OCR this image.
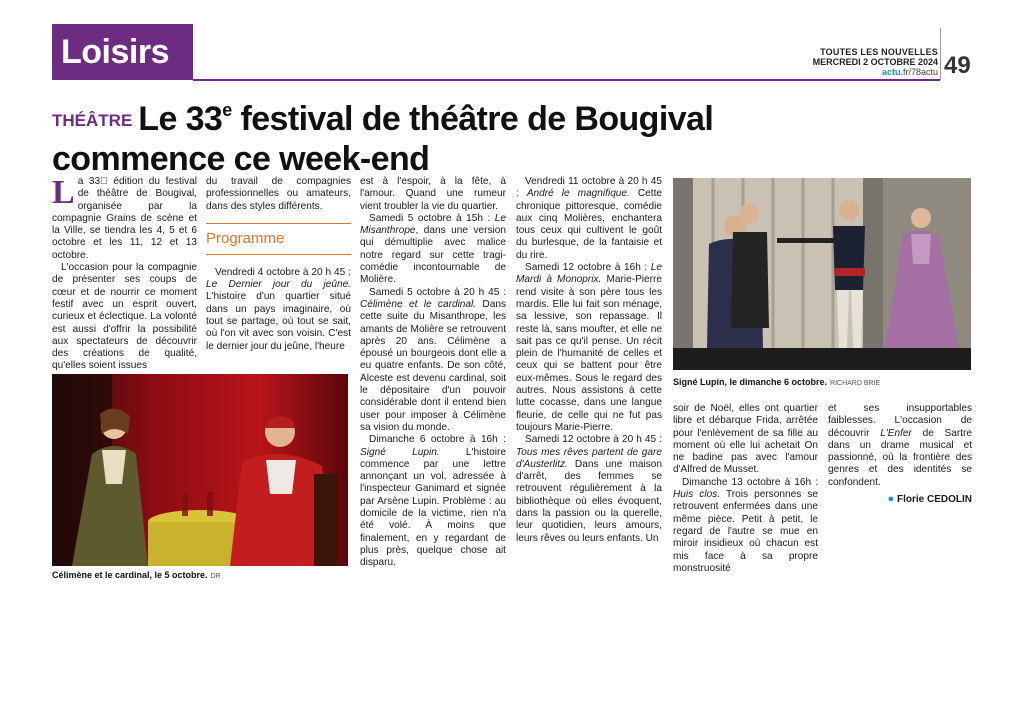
Loisirs	TOUTES LES NOUVELLES
MERCREDI 2 OCTOBRE 2024
actu.fr/78actu 49
THÉÂTRE Le 33e festival de théâtre de Bougival commence ce week-end

La 33  édition du festival de théâtre de Bougival, organisée par la compagnie Grains de scène et la Ville, se tiendra les 4, 5 et 6 octobre et les 11, 12 et 13 octobre.

L'occasion pour la compagnie de présenter ses coups de cœur et de nourrir ce moment festif avec un esprit ouvert, curieux et éclectique. La volonté est aussi d'offrir la possibilité aux spectateurs de découvrir des créations de qualité, qu'elles soient issues

du travail de compagnies professionnelles ou amateurs, dans des styles différents.

Programme

Vendredi 4 octobre à 20 h 45 : Le Dernier jour du jeûne. L'histoire d'un quartier situé dans un pays imaginaire, où tout se partage, où tout se sait, où l'on vit avec son voisin. C'est le dernier jour du jeûne, l'heure

est à l'espoir, à la fête, à l'amour. Quand une rumeur vient troubler la vie du quartier.

Samedi 5 octobre à 15h : Le Misanthrope, dans une version qui démultiplie avec malice notre regard sur cette tragi-comédie incontournable de Molière.

Samedi 5 octobre à 20 h 45 : Célimène et le cardinal. Dans cette suite du Misanthrope, les amants de Molière se retrouvent après 20 ans. Célimène a épousé un bourgeois dont elle a eu quatre enfants. De son côté, Alceste est devenu cardinal, soit le dépositaire d'un pouvoir considérable dont il entend bien user pour imposer à Célimène sa vision du monde.

Dimanche 6 octobre à 16h : Signé Lupin. L'histoire commence par une lettre annonçant un vol, adressée à l'inspecteur Ganimard et signée par Arsène Lupin. Problème : au domicile de la victime, rien n'a été volé. À moins que finalement, en y regardant de plus près, quelque chose ait disparu.

Vendredi 11 octobre à 20 h 45 : André le magnifique. Cette chronique pittoresque, comédie aux cinq Molières, enchantera tous ceux qui cultivent le goût du burlesque, de la fantaisie et du rire.

Samedi 12 octobre à 16h : Le Mardi à Monoprix. Marie-Pierre rend visite à son père tous les mardis. Elle lui fait son ménage, sa lessive, son repassage. Il reste là, sans moufter, et elle ne sait pas ce qu'il pense. Un récit plein de l'humanité de celles et ceux qui se battent pour être eux-mêmes. Sous le regard des autres. Nous assistons à cette lutte cocasse, dans une langue fleurie, de celle qui ne fut pas toujours Marie-Pierre.

Samedi 12 octobre à 20 h 45 : Tous mes rêves partent de gare d'Austerlitz. Dans une maison d'arrêt, des femmes se retrouvent régulièrement à la bibliothèque où elles évoquent, dans la passion ou la querelle, leur quotidien, leurs amours, leurs rêves ou leurs enfants. Un

soir de Noël, elles ont quartier libre et débarque Frida, arrêtée pour l'enlèvement de sa fille au moment où elle lui achetait On ne badine pas avec l'amour d'Alfred de Musset.

Dimanche 13 octobre à 16h : Huis clos. Trois personnes se retrouvent enfermées dans une même pièce. Petit à petit, le regard de l'autre se mue en miroir insidieux où chacun est mis face à sa propre monstruosité

et ses insupportables faiblesses. L'occasion de découvrir L'Enfer de Sartre dans un drame musical et passionné, où la frontière des genres et des identités se confondent.

● Florie CEDOLIN
Célimène et le cardinal, le 5 octobre. DR
Signé Lupin, le dimanche 6 octobre. RICHARD BRIE
